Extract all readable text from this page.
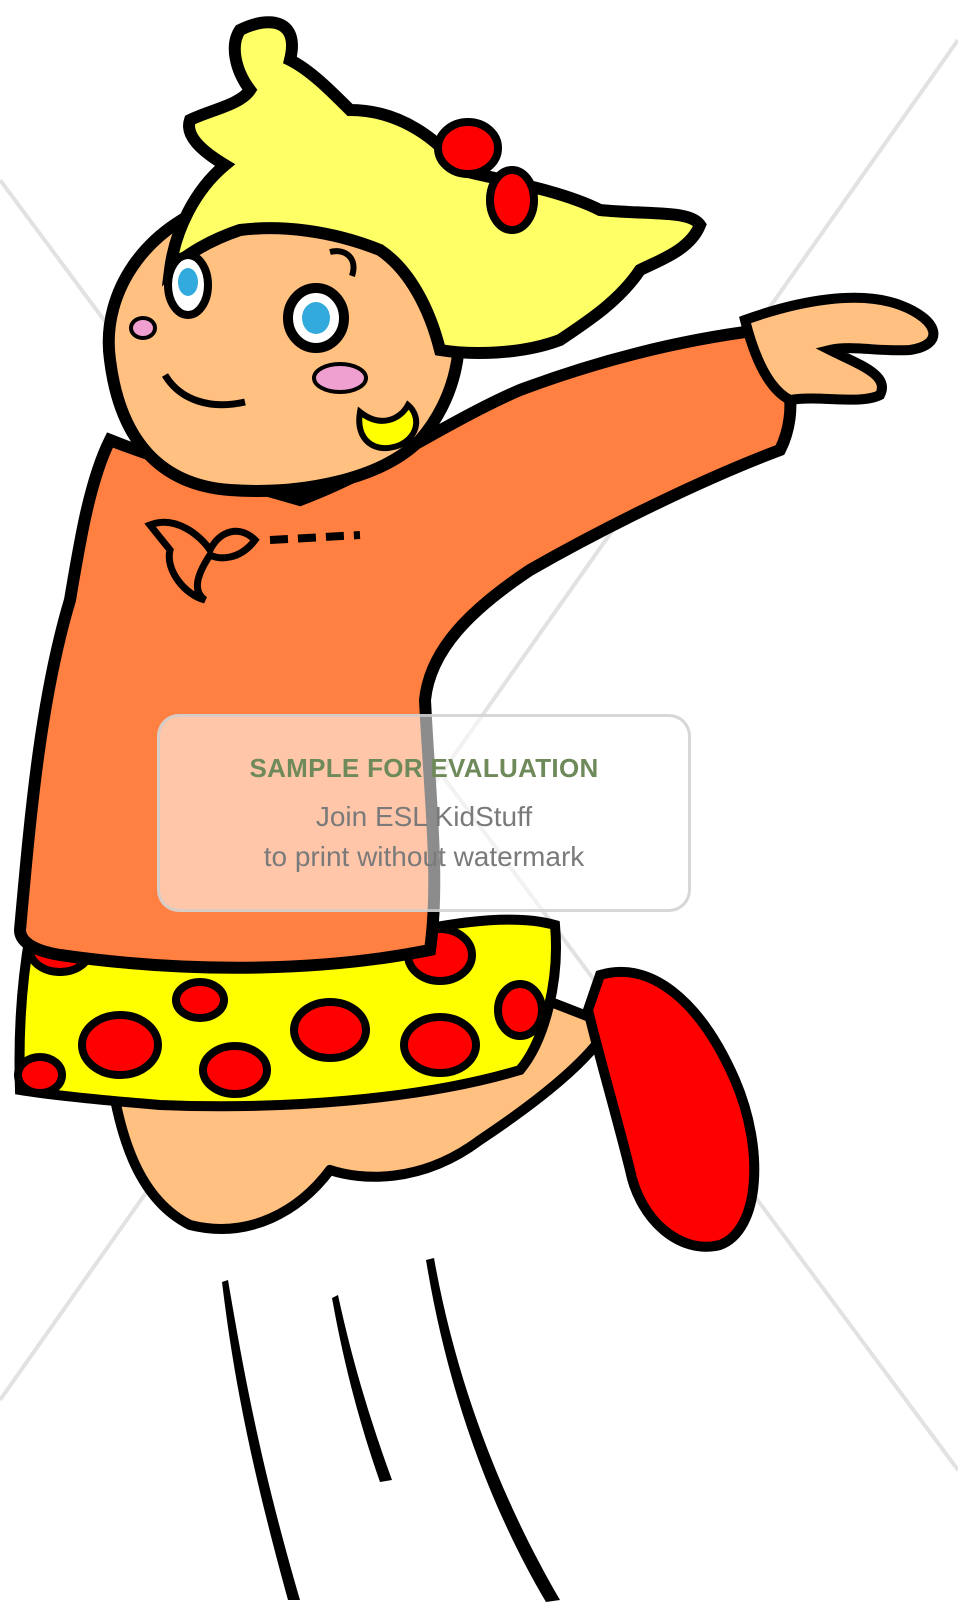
SAMPLE FOR EVALUATION
Join ESL KidStuff
to print without watermark
